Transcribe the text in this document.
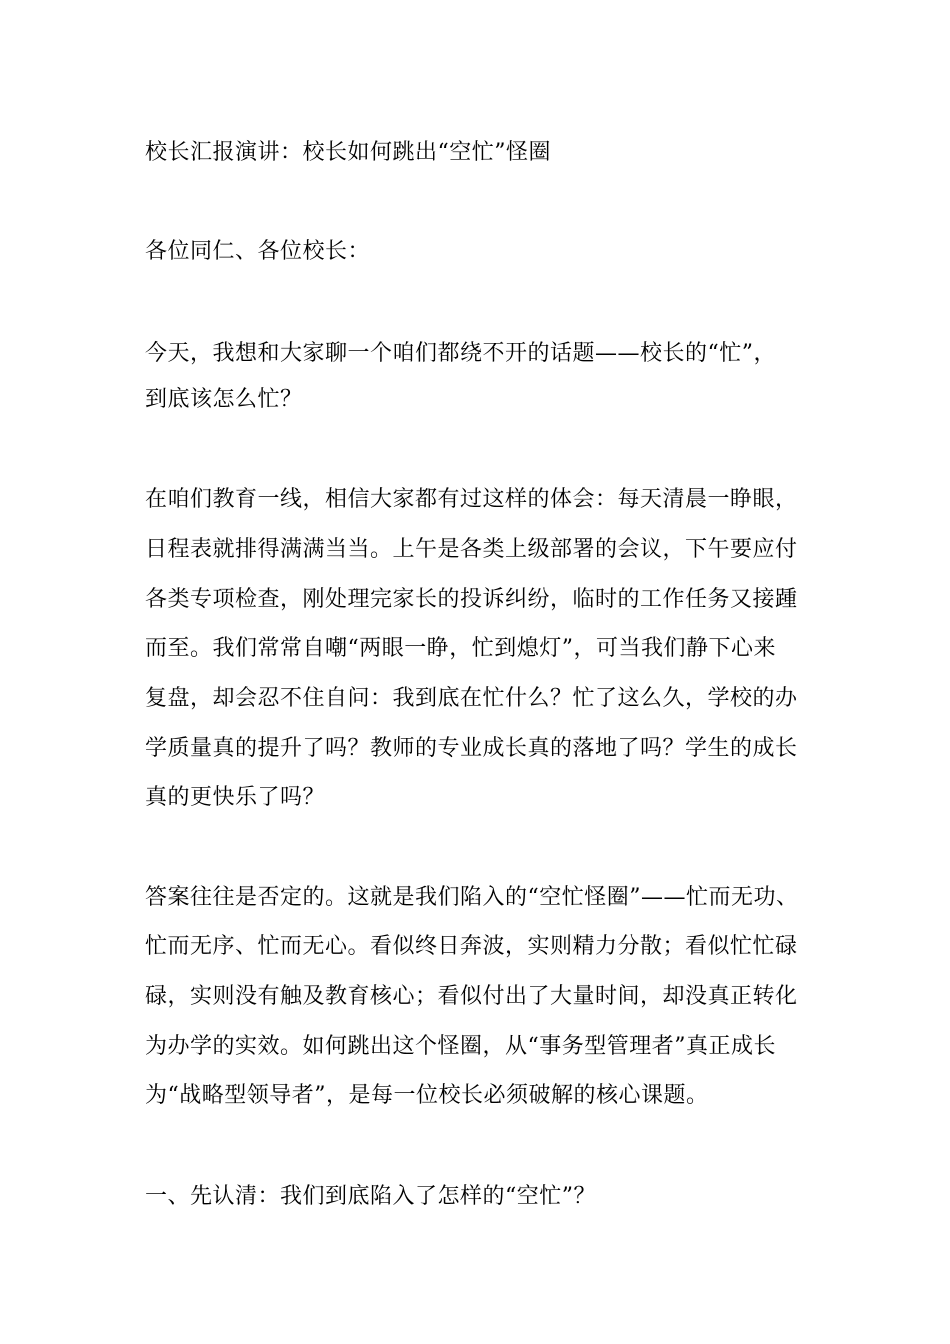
校长汇报演讲：校长如何跳出“空忙”怪圈
各位同仁、各位校长：
今天，我想和大家聊一个咱们都绕不开的话题——校长的“忙”，
到底该怎么忙？
在咱们教育一线，相信大家都有过这样的体会：每天清晨一睁眼，
日程表就排得满满当当。上午是各类上级部署的会议，下午要应付
各类专项检查，刚处理完家长的投诉纠纷，临时的工作任务又接踵
而至。我们常常自嘲“两眼一睁，忙到熄灯”，可当我们静下心来
复盘，却会忍不住自问：我到底在忙什么？忙了这么久，学校的办
学质量真的提升了吗？教师的专业成长真的落地了吗？学生的成长
真的更快乐了吗？
答案往往是否定的。这就是我们陷入的“空忙怪圈”——忙而无功、
忙而无序、忙而无心。看似终日奔波，实则精力分散；看似忙忙碌
碌，实则没有触及教育核心；看似付出了大量时间，却没真正转化
为办学的实效。如何跳出这个怪圈，从“事务型管理者”真正成长
为“战略型领导者”，是每一位校长必须破解的核心课题。
一、先认清：我们到底陷入了怎样的“空忙”？
